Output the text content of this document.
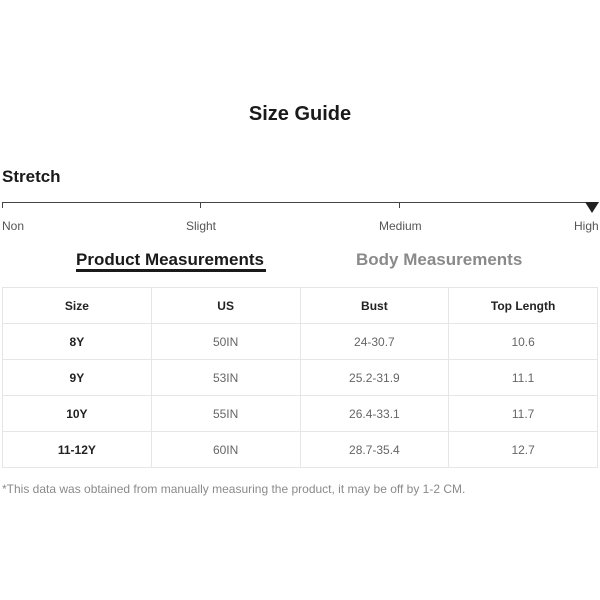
Size Guide
Stretch
Non	Slight	Medium	High
Product Measurements	Body Measurements
Size	US	Bust	Top Length
8Y	50IN	24-30.7	10.6
9Y	53IN	25.2-31.9	11.1
10Y	55IN	26.4-33.1	11.7
11-12Y	60IN	28.7-35.4	12.7
*This data was obtained from manually measuring the product, it may be off by 1-2 CM.
